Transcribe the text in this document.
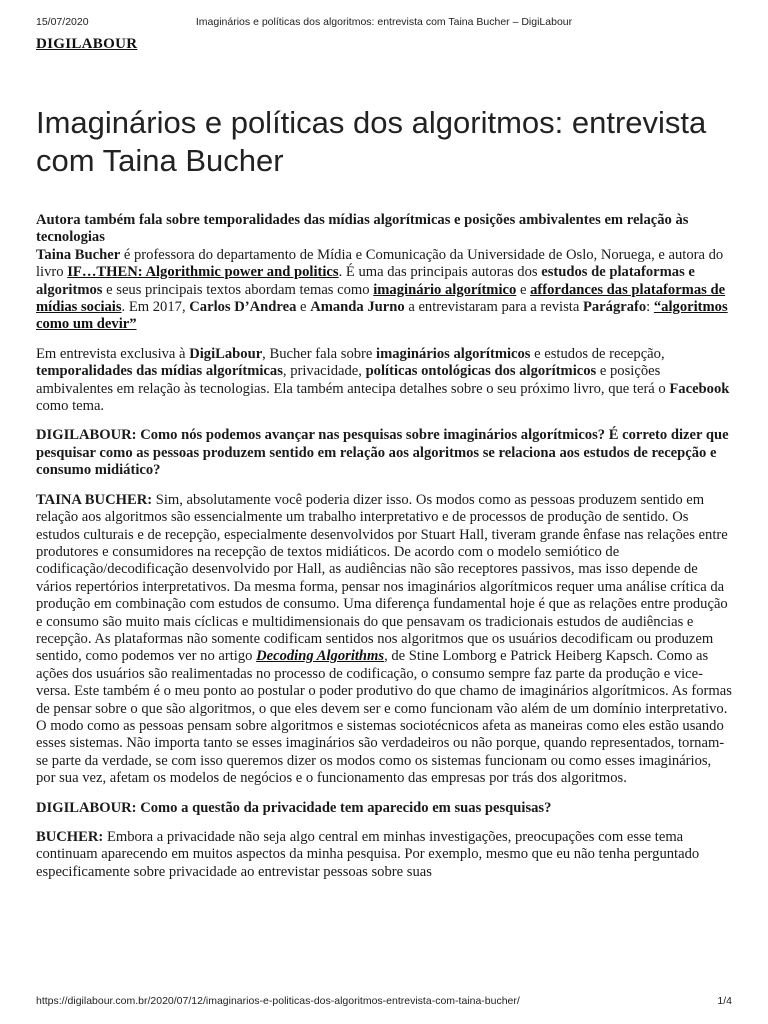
15/07/2020	Imaginários e políticas dos algoritmos: entrevista com Taina Bucher – DigiLabour
DIGILABOUR
Imaginários e políticas dos algoritmos: entrevista com Taina Bucher

Autora também fala sobre temporalidades das mídias algorítmicas e posições ambivalentes em relação às tecnologias

Taina Bucher é professora do departamento de Mídia e Comunicação da Universidade de Oslo, Noruega, e autora do livro IF…THEN: Algorithmic power and politics. É uma das principais autoras dos estudos de plataformas e algoritmos e seus principais textos abordam temas como imaginário algorítmico e affordances das plataformas de mídias sociais. Em 2017, Carlos D’Andrea e Amanda Jurno a entrevistaram para a revista Parágrafo: “algoritmos como um devir”

Em entrevista exclusiva à DigiLabour, Bucher fala sobre imaginários algorítmicos e estudos de recepção, temporalidades das mídias algorítmicas, privacidade, políticas ontológicas dos algorítmicos e posições ambivalentes em relação às tecnologias. Ela também antecipa detalhes sobre o seu próximo livro, que terá o Facebook como tema.

DIGILABOUR: Como nós podemos avançar nas pesquisas sobre imaginários algorítmicos? É correto dizer que pesquisar como as pessoas produzem sentido em relação aos algoritmos se relaciona aos estudos de recepção e consumo midiático?

TAINA BUCHER: Sim, absolutamente você poderia dizer isso. Os modos como as pessoas produzem sentido em relação aos algoritmos são essencialmente um trabalho interpretativo e de processos de produção de sentido. Os estudos culturais e de recepção, especialmente desenvolvidos por Stuart Hall, tiveram grande ênfase nas relações entre produtores e consumidores na recepção de textos midiáticos. De acordo com o modelo semiótico de codificação/decodificação desenvolvido por Hall, as audiências não são receptores passivos, mas isso depende de vários repertórios interpretativos. Da mesma forma, pensar nos imaginários algorítmicos requer uma análise crítica da produção em combinação com estudos de consumo. Uma diferença fundamental hoje é que as relações entre produção e consumo são muito mais cíclicas e multidimensionais do que pensavam os tradicionais estudos de audiências e recepção. As plataformas não somente codificam sentidos nos algoritmos que os usuários decodificam ou produzem sentido, como podemos ver no artigo Decoding Algorithms, de Stine Lomborg e Patrick Heiberg Kapsch. Como as ações dos usuários são realimentadas no processo de codificação, o consumo sempre faz parte da produção e vice-versa. Este também é o meu ponto ao postular o poder produtivo do que chamo de imaginários algorítmicos. As formas de pensar sobre o que são algoritmos, o que eles devem ser e como funcionam vão além de um domínio interpretativo. O modo como as pessoas pensam sobre algoritmos e sistemas sociotécnicos afeta as maneiras como eles estão usando esses sistemas. Não importa tanto se esses imaginários são verdadeiros ou não porque, quando representados, tornam-se parte da verdade, se com isso queremos dizer os modos como os sistemas funcionam ou como esses imaginários, por sua vez, afetam os modelos de negócios e o funcionamento das empresas por trás dos algoritmos.

DIGILABOUR: Como a questão da privacidade tem aparecido em suas pesquisas?

BUCHER: Embora a privacidade não seja algo central em minhas investigações, preocupações com esse tema continuam aparecendo em muitos aspectos da minha pesquisa. Por exemplo, mesmo que eu não tenha perguntado especificamente sobre privacidade ao entrevistar pessoas sobre suas

https://digilabour.com.br/2020/07/12/imaginarios-e-politicas-dos-algoritmos-entrevista-com-taina-bucher/	1/4
